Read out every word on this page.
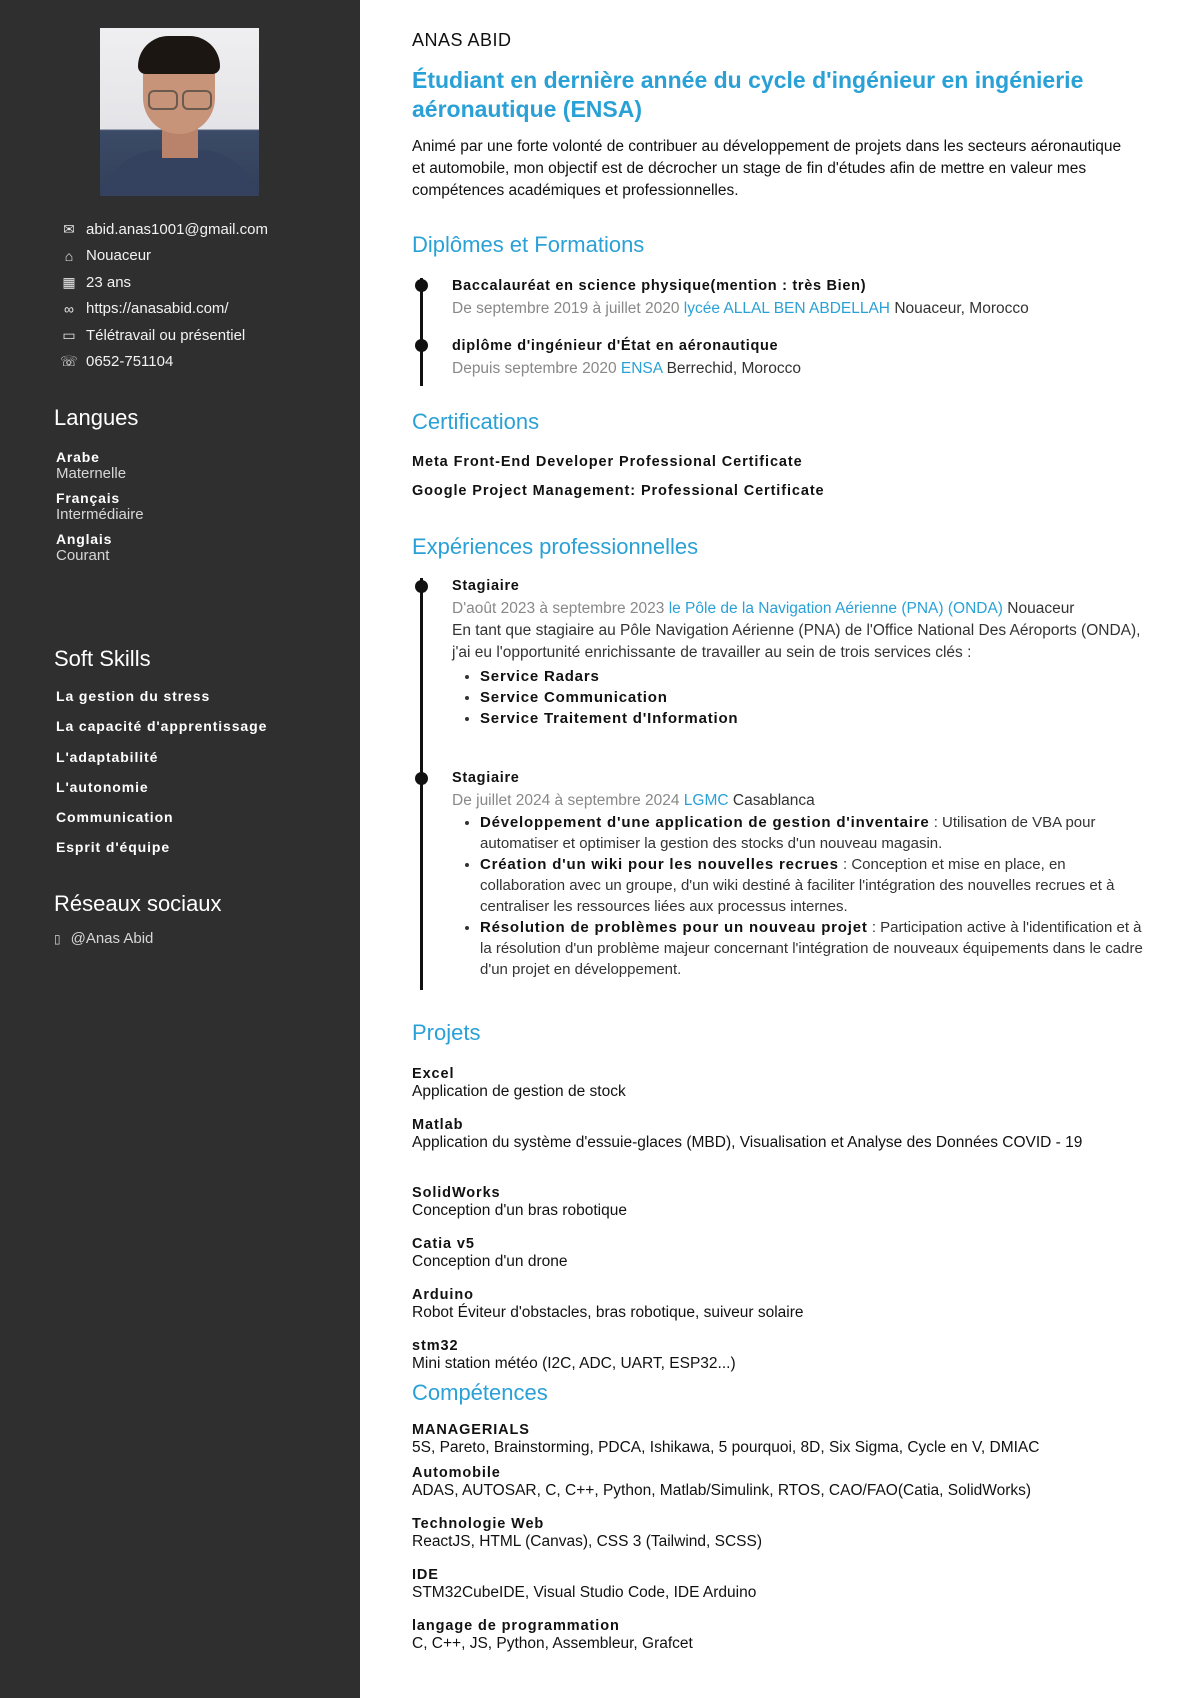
✉ abid.anas1001@gmail.com
⌂ Nouaceur
▦ 23 ans
∞ https://anasabid.com/
▭ Télétravail ou présentiel
☏ 0652-751104
Langues
Arabe
Maternelle
Français
Intermédiaire
Anglais
Courant
Soft Skills
La gestion du stress
La capacité d'apprentissage
L'adaptabilité
L'autonomie
Communication
Esprit d'équipe
Réseaux sociaux
▯ @Anas Abid
ANAS ABID
Étudiant en dernière année du cycle d'ingénieur en ingénierie aéronautique (ENSA)
Animé par une forte volonté de contribuer au développement de projets dans les secteurs aéronautique et automobile, mon objectif est de décrocher un stage de fin d'études afin de mettre en valeur mes compétences académiques et professionnelles.
Diplômes et Formations
Baccalauréat en science physique(mention : très Bien)
De septembre 2019 à juillet 2020 lycée ALLAL BEN ABDELLAH Nouaceur, Morocco
diplôme d'ingénieur d'État en aéronautique
Depuis septembre 2020 ENSA Berrechid, Morocco
Certifications
Meta Front-End Developer Professional Certificate
Google Project Management: Professional Certificate
Expériences professionnelles
Stagiaire
D'août 2023 à septembre 2023 le Pôle de la Navigation Aérienne (PNA) (ONDA) Nouaceur
En tant que stagiaire au Pôle Navigation Aérienne (PNA) de l'Office National Des Aéroports (ONDA), j'ai eu l'opportunité enrichissante de travailler au sein de trois services clés :
• Service Radars
• Service Communication
• Service Traitement d'Information
Stagiaire
De juillet 2024 à septembre 2024 LGMC Casablanca
• Développement d'une application de gestion d'inventaire : Utilisation de VBA pour automatiser et optimiser la gestion des stocks d'un nouveau magasin.
• Création d'un wiki pour les nouvelles recrues : Conception et mise en place, en collaboration avec un groupe, d'un wiki destiné à faciliter l'intégration des nouvelles recrues et à centraliser les ressources liées aux processus internes.
• Résolution de problèmes pour un nouveau projet : Participation active à l'identification et à la résolution d'un problème majeur concernant l'intégration de nouveaux équipements dans le cadre d'un projet en développement.
Projets
Excel
Application de gestion de stock
Matlab
Application du système d'essuie-glaces (MBD), Visualisation et Analyse des Données COVID - 19
SolidWorks
Conception d'un bras robotique
Catia v5
Conception d'un drone
Arduino
Robot Éviteur d'obstacles, bras robotique, suiveur solaire
stm32
Mini station météo (I2C, ADC, UART, ESP32...)
Compétences
MANAGERIALS
5S, Pareto, Brainstorming, PDCA, Ishikawa, 5 pourquoi, 8D, Six Sigma, Cycle en V, DMIAC
Automobile
ADAS, AUTOSAR, C, C++, Python, Matlab/Simulink, RTOS, CAO/FAO(Catia, SolidWorks)
Technologie Web
ReactJS, HTML (Canvas), CSS 3 (Tailwind, SCSS)
IDE
STM32CubeIDE, Visual Studio Code, IDE Arduino
langage de programmation
C, C++, JS, Python, Assembleur, Grafcet
